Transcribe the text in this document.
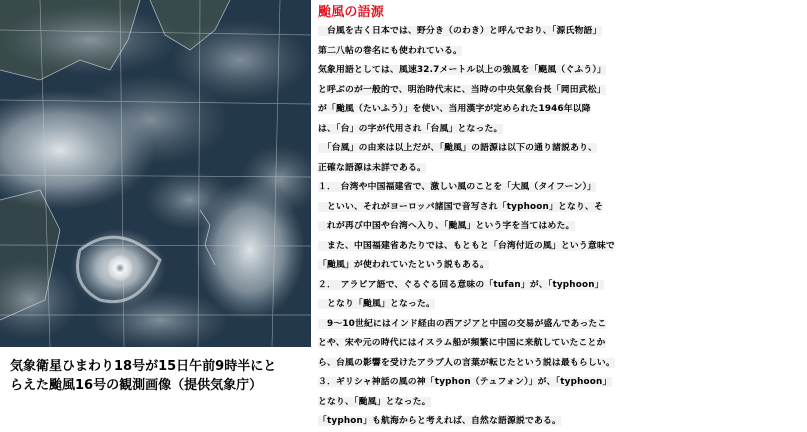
気象衛星ひまわり18号が15日午前9時半にと
らえた颱風16号の観測画像（提供気象庁）
颱風の語源
　台風を古く日本では、野分き（のわき）と呼んでおり、「源氏物語」
第二八帖の巻名にも使われている。
気象用語としては、風速32.7メートル以上の強風を「颶風（ぐふう）」
と呼ぶのが一般的で、明治時代末に、当時の中央気象台長「岡田武松」
が「颱風（たいふう）」を使い、当用漢字が定められた1946年以降
は、「台」の字が代用され「台風」となった。
　「台風」の由来は以上だが、「颱風」の語源は以下の通り諸説あり、
正確な語源は未詳である。
１．　台湾や中国福建省で、激しい風のことを「大風（タイフーン）」
　といい、それがヨーロッパ諸国で音写され「typhoon」となり、そ
　れが再び中国や台湾へ入り、「颱風」という字を当てはめた。
　また、中国福建省あたりでは、もともと「台湾付近の風」という意味で
「颱風」が使われていたという説もある。
２．　アラビア語で、ぐるぐる回る意味の「tufan」が、「typhoon」
　となり「颱風」となった。
　9～10世紀にはインド経由の西アジアと中国の交易が盛んであったこ
とや、宋や元の時代にはイスラム船が頻繁に中国に来航していたことか
ら、台風の影響を受けたアラブ人の言葉が転じたという説は最もらしい。
３．ギリシャ神話の風の神「typhon（テュフォン）」が、「typhoon」
となり、「颱風」となった。
「typhon」も航海からと考えれば、自然な語源説である。
